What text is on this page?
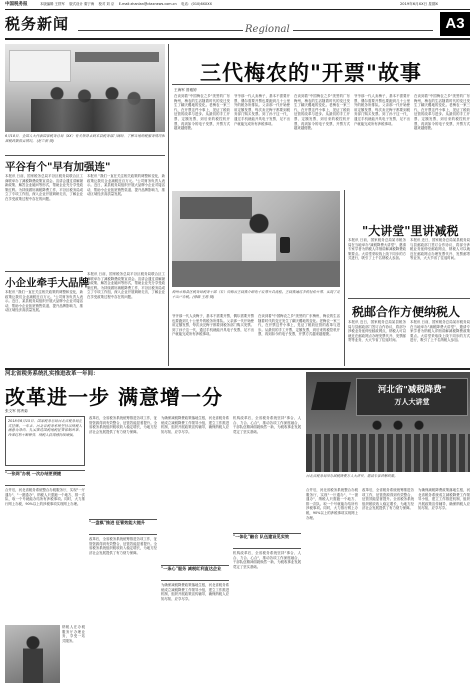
中国税务报	本版编辑 王铁军 　版式设计 秦宁海 　校对 刘 京 　E-mail:zhanlan@ctaxnews.com.cn 　电话：(010)6XXXX	2019年6月XX日 星期X
税务新闻	Regional	A3
6月18日，全国人大代表国家税务总局（XX）有关领导来到本县税务部门调研，了解当地纳税服务情况和减税政策落实情况。 (赵立新 摄)
平谷有个"早有加强连"
本报讯 日前，国家税务总局平谷区税务局联合区工商联举办了减税降费政策宣讲会。宣讲会通过讲解最新政策、解答企业疑问等形式，帮助企业充分享受政策红利。为持续做好减税降费工作，平谷区税务局成立了专项工作组，深入企业开展调研走访，了解企业在享受政策过程中存在的问题。
本报讯 "我们一直在关注相关政策的调整和变化，新政策让我们企业减税近百万元。"公司财务负责人表示。近日，某县税务局组织开展大品牌小企业对接活动，帮助小企业拓宽销售渠道、提升品牌影响力，推动区域经济高质量发展。
小企业牵手大品牌
本报讯 "我们一直在关注相关政策的调整和变化，新政策让我们企业减税近百万元。"公司财务负责人表示。近日，某县税务局组织开展大品牌小企业对接活动，帮助小企业拓宽销售渠道、提升品牌影响力，推动区域经济高质量发展。
本报讯 日前，国家税务总局平谷区税务局联合区工商联举办了减税降费政策宣讲会。宣讲会通过讲解最新政策、解答企业疑问等形式，帮助企业充分享受政策红利。为持续做好减税降费工作，平谷区税务局成立了专项工作组，深入企业开展调研走访，了解企业在享受政策过程中存在的问题。
三代梅农的"开票"故事
王海军 曾雅婷
在谈到着"中国梅农之乡"美誉的广东梅州，梅农的生活随着时代的变迁发生了翻天覆地的变化。老梅农一家三代，在开票这件小事上，见证了税收征管的改革与进步。从最初的手工开票、定额发票，到后来的税控机开票，再到如今的电子发票，开票方式越来越便捷。
爷爷那一代人卖梅子，基本不需要开票，偶尔需要开票也要跑到几十公里外的税务所排队。父亲那一代开始使用定额发票，每次卖完梅子都要到税务部门购买发票。到了孙子这一代，通过手机就能开具电子发票，足不出户就能完成所有涉税事项。
在谈到着"中国梅农之乡"美誉的广东梅州，梅农的生活随着时代的变迁发生了翻天覆地的变化。老梅农一家三代，在开票这件小事上，见证了税收征管的改革与进步。从最初的手工开票、定额发票，到后来的税控机开票，再到如今的电子发票，开票方式越来越便捷。
爷爷那一代人卖梅子，基本不需要开票，偶尔需要开票也要跑到几十公里外的税务所排队。父亲那一代开始使用定额发票，每次卖完梅子都要到税务部门购买发票。到了孙子这一代，通过手机就能开具电子发票，足不出户就能完成所有涉税事项。
在谈到着"中国梅农之乡"美誉的广东梅州，梅农的生活随着时代的变迁发生了翻天覆地的变化。老梅农一家三代，在开票这件小事上，见证了税收征管的改革与进步。从最初的手工开票、定额发票，到后来的税控机开票，再到如今的电子发票，开票方式越来越便捷。
梅州市梅县区税务局税务干部（右）向梅农王晓燕介绍电子发票开具流程。王晓燕通过手机轻松开票，实现了足不出户办税。(徐路 王越 摄)
爷爷那一代人卖梅子，基本不需要开票，偶尔需要开票也要跑到几十公里外的税务所排队。父亲那一代开始使用定额发票，每次卖完梅子都要到税务部门购买发票。到了孙子这一代，通过手机就能开具电子发票，足不出户就能完成所有涉税事项。
在谈到着"中国梅农之乡"美誉的广东梅州，梅农的生活随着时代的变迁发生了翻天覆地的变化。老梅农一家三代，在开票这件小事上，见证了税收征管的改革与进步。从最初的手工开票、定额发票，到后来的税控机开票，再到如今的电子发票，开票方式越来越便捷。
"大讲堂"里讲减税
本报讯 日前，国家税务总局某市税务局在当地举办"减税降费大讲堂"，邀请专家学者为纳税人详细讲解减税降费政策要点。大讲堂采取线上线下同步的方式进行，吸引了上千名纳税人参加。
本报讯 近日，国家税务总局某县税务局与县邮政部门签订合作协议，将部分涉税业务延伸至邮政网点，纳税人可以就近在邮政网点办理发票代开、发票邮寄等业务，大大节省了往返时间。
税邮合作方便纳税人
本报讯 近日，国家税务总局某县税务局与县邮政部门签订合作协议，将部分涉税业务延伸至邮政网点，纳税人可以就近在邮政网点办理发票代开、发票邮寄等业务，大大节省了往返时间。
本报讯 日前，国家税务总局某市税务局在当地举办"减税降费大讲堂"，邀请专家学者为纳税人详细讲解减税降费政策要点。大讲堂采取线上线下同步的方式进行，吸引了上千名纳税人参加。
河北省税务系统扎实推进改革一年间：
改革进一步 满意增一分
张文军 郭秀菊
2018年6月15日，国家税务总局河北省税务局正式挂牌。一年来，河北省税务系统坚持以纳税人满意为导向，扎实推进国税地税征管体制改革，改革红利不断释放，纳税人获得感持续增强。
"一张网"办税 一次办结更便捷
合并后，河北省税务系统整合办税服务厅，实现"一厅通办"、"一窗通办"，纳税人只需跑一个地方、排一次队、取一个号就能办结所有涉税事项。同时，大力推行网上办税，90%以上的涉税事项实现网上办理。
纳税人在办税服务厅办理业务，享受一站式服务。
改革后，全省税务系统统筹推进各项工作，征管资源得到有效整合，征管效能显著提升。全省税务系统组织税收收入稳定增长，为地方经济社会发展提供了有力财力保障。
"一盘棋"推进 征管效能大提升
改革后，全省税务系统统筹推进各项工作，征管资源得到有效整合，征管效能显著提升。全省税务系统组织税收收入稳定增长，为地方经济社会发展提供了有力财力保障。
为确保减税降费政策落地生根，河北省税务系统成立减税降费工作领导小组，建立工作推进机制，组织开展政策宣传辅导，确保纳税人应知尽知、应享尽享。
"一条心"服务 减税红利直达企业
为确保减税降费政策落地生根，河北省税务系统成立减税降费工作领导小组，建立工作推进机制，组织开展政策宣传辅导，确保纳税人应知尽知、应享尽享。
机构改革后，全省税务系统坚持"事合、人合、力合、心合"，推动各项工作深度融合，干部队伍精神面貌焕然一新，为税收事业发展奠定了坚实基础。
"一体化"融合 队伍建设见实效
机构改革后，全省税务系统坚持"事合、人合、力合、心合"，推动各项工作深度融合，干部队伍精神面貌焕然一新，为税收事业发展奠定了坚实基础。
河北省"减税降费"
万人大讲堂
河北省税务局举办减税降费万人大讲堂，邀请专家讲解政策。
合并后，河北省税务系统整合办税服务厅，实现"一厅通办"、"一窗通办"，纳税人只需跑一个地方、排一次队、取一个号就能办结所有涉税事项。同时，大力推行网上办税，90%以上的涉税事项实现网上办理。
改革后，全省税务系统统筹推进各项工作，征管资源得到有效整合，征管效能显著提升。全省税务系统组织税收收入稳定增长，为地方经济社会发展提供了有力财力保障。
为确保减税降费政策落地生根，河北省税务系统成立减税降费工作领导小组，建立工作推进机制，组织开展政策宣传辅导，确保纳税人应知尽知、应享尽享。
